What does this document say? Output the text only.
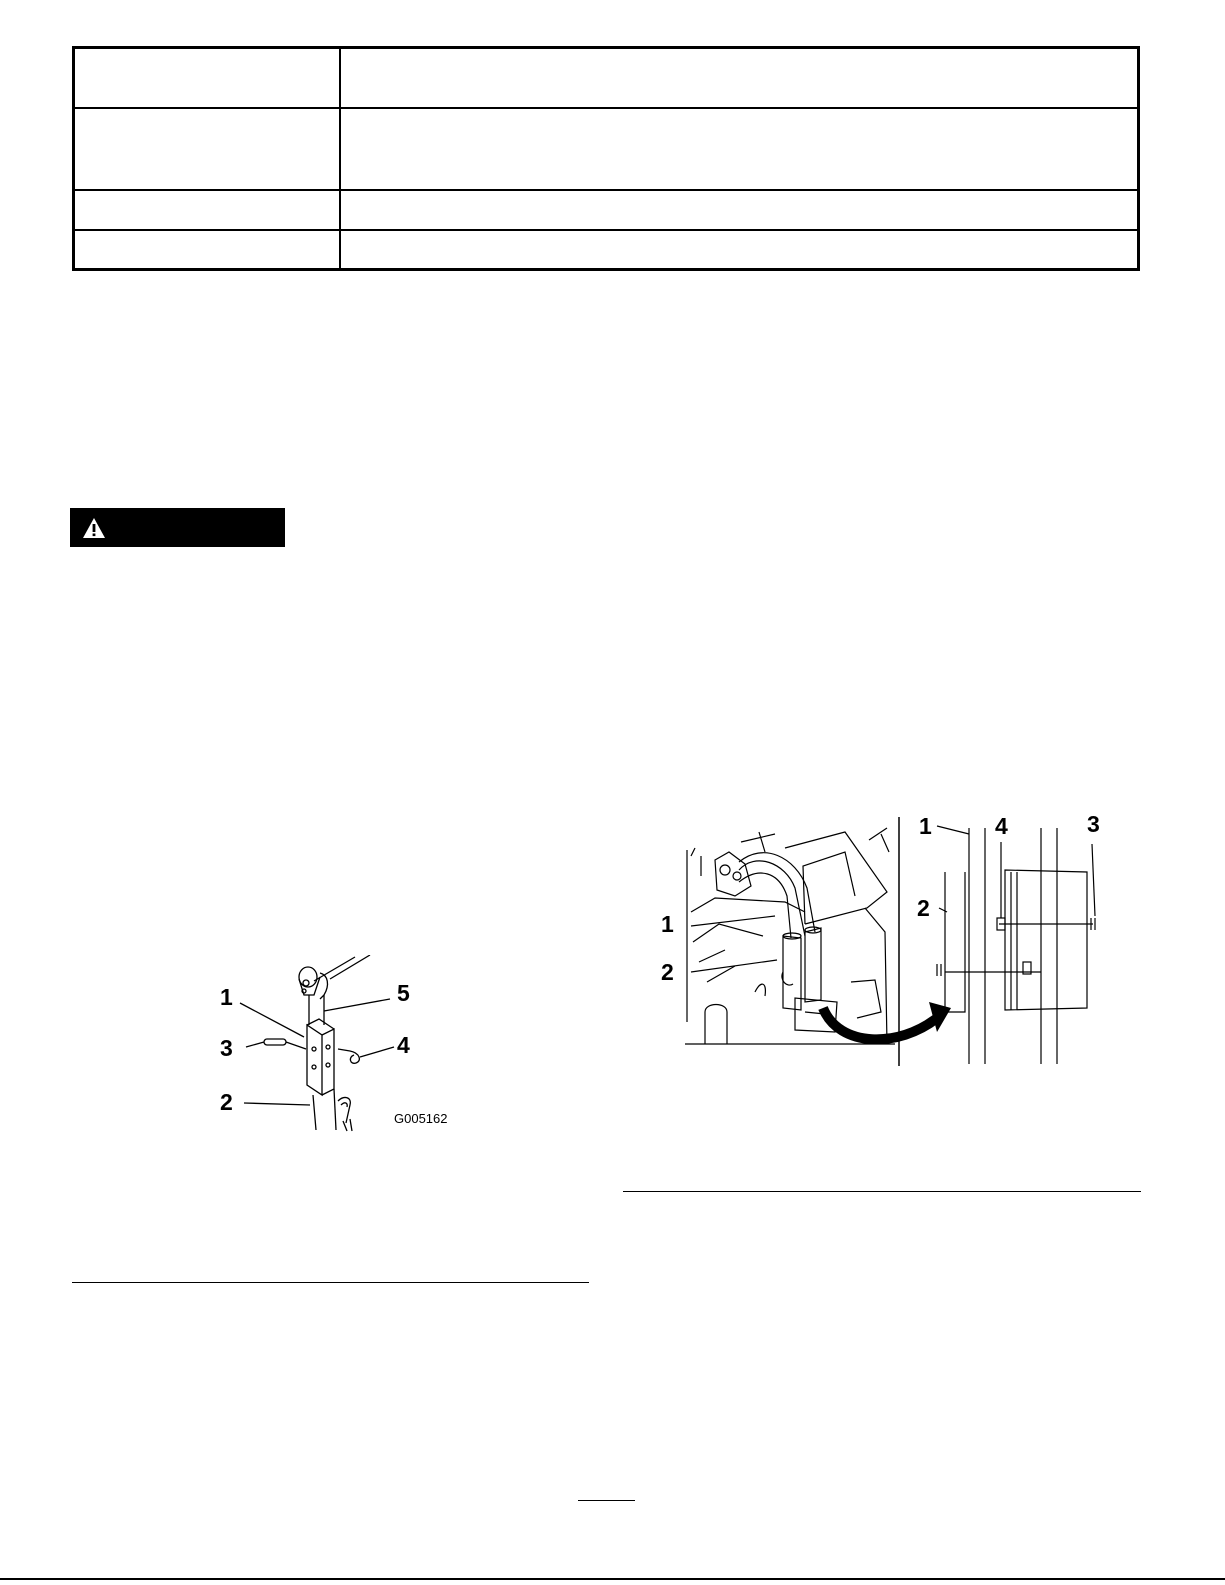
1
3
2
5
4
G005162
1
2
1	4	3
2
